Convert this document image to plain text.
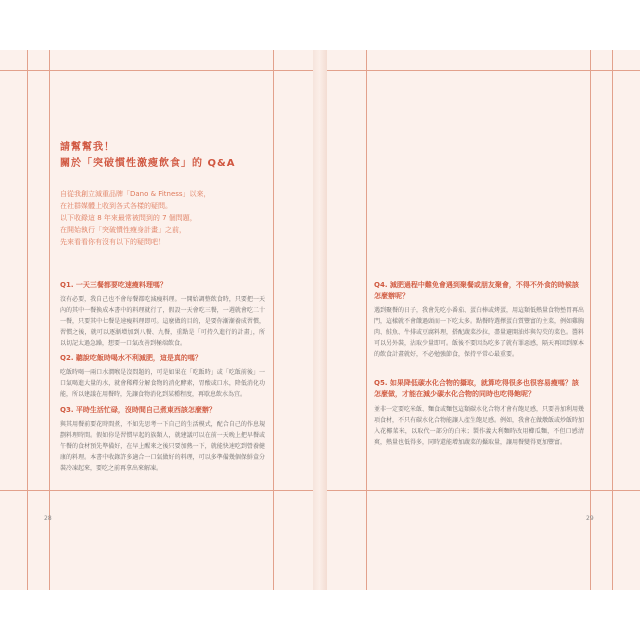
請幫幫我！
關於「突破慣性激瘦飲食」的 Q&A
自從我創立減重品牌「Dano & Fitness」以來，
在社群媒體上收到各式各樣的疑問。
以下收錄這 8 年來最常被問到的 7 個問題，
在開始執行「突破慣性瘦身計畫」之前，
先來看看你有沒有以下的疑問吧！
Q1. 一天三餐都要吃速瘦料理嗎？
沒有必要，我自己也不會每餐都吃減瘦料理。一開始調整飲食時，只要把一天內的其中一餐換成本書中的料理就行了，假設一天會吃三餐，一週就會吃二十一餐，只要其中七餐是速瘦料理即可。這麼做的目的，是要你漸漸養成習慣，習慣之後，就可以逐漸增加到八餐、九餐，重點是「可持久進行的計畫」，所以切記太過急躁，想要一口氣改善到極端飲食。
Q2. 聽說吃飯時喝水不利減肥，這是真的嗎？
吃飯時喝一兩口水潤喉是沒問題的，可是如果在「吃飯時」或「吃飯前後」一口氣喝進大量的水，就會稀釋分解食物的消化酵素，胃酸或口水，降低消化功能，所以建議在用餐時，先讓食物消化到某種程度，再歇息飲水為宜。
Q3. 平時生活忙碌，沒時間自己煮東西該怎麼辦？
與其用餐前要花時間煮，不如先思考一下自己的生活模式，配合自己的作息規劃料理時間。假如你是習慣早起的族類人，就建議可以在前一天晚上把早餐或午餐的食材預先準備好，在早上醒來之後只要加熱一下，就能快速吃到營養健康的料理。本書中收錄許多適合一口氣做好的料理，可以多準備幾個保鮮盒分裝冷凍起來，要吃之前再拿出來解凍。
28
Q4. 減肥過程中難免會遇到聚餐或朋友聚會，不得不外食的時候該怎麼辦呢？
遇到聚餐的日子，我會先吃小番茄、蛋白棒或烤蛋，用這類低熱量食物墊胃再出門，這樣就不會餓過頭而一下吃太多。點餐時選擇蛋白質豐富的主菜，例如雞胸肉、鮭魚、牛排或豆腐料理，搭配蔬菜沙拉，盡量避開油炸與勾芡的菜色。醬料可以另外裝，沾取少量即可。飯後不要因為吃多了就有罪惡感，隔天再回到原本的飲食計畫就好，不必勉強節食，保持平常心最重要。
Q5. 如果降低碳水化合物的攝取，就算吃得很多也很容易瘦嗎？該怎麼做，才能在減少碳水化合物的同時也吃得飽呢？
並非一定要吃米飯、麵食或麵包這類碳水化合物才會有飽足感，只要善加利用幾項食材，不只有碳水化合物能讓人產生飽足感。例如，我會在做燉飯或炒飯時加入花椰菜米，以取代一部分的白米；製作義大利麵時改用櫛瓜麵，不但口感清爽，熱量也低得多，同時還能增加蔬菜的攝取量，讓用餐變得更加豐富。
29
